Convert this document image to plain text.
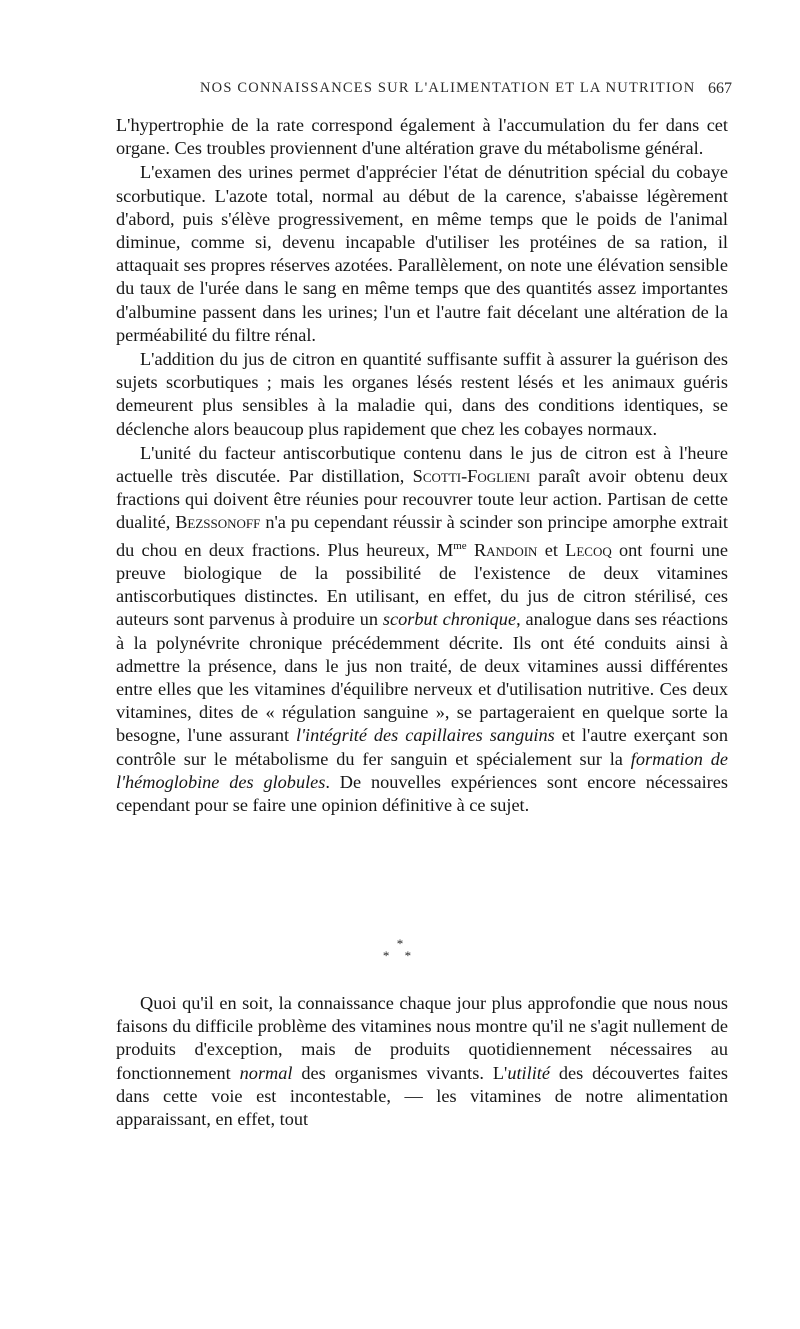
NOS CONNAISSANCES SUR L'ALIMENTATION ET LA NUTRITION 667

L'hypertrophie de la rate correspond également à l'accumulation du fer dans cet organe. Ces troubles proviennent d'une altération grave du métabolisme général.

L'examen des urines permet d'apprécier l'état de dénutrition spécial du cobaye scorbutique. L'azote total, normal au début de la carence, s'abaisse légèrement d'abord, puis s'élève progressivement, en même temps que le poids de l'animal diminue, comme si, devenu incapable d'utiliser les protéines de sa ration, il attaquait ses propres réserves azotées. Parallèlement, on note une élévation sensible du taux de l'urée dans le sang en même temps que des quantités assez importantes d'albumine passent dans les urines; l'un et l'autre fait décelant une altération de la perméabilité du filtre rénal.

L'addition du jus de citron en quantité suffisante suffit à assurer la guérison des sujets scorbutiques ; mais les organes lésés restent lésés et les animaux guéris demeurent plus sensibles à la maladie qui, dans des conditions identiques, se déclenche alors beaucoup plus rapidement que chez les cobayes normaux.

L'unité du facteur antiscorbutique contenu dans le jus de citron est à l'heure actuelle très discutée. Par distillation, Scotti-Foglieni paraît avoir obtenu deux fractions qui doivent être réunies pour recouvrer toute leur action. Partisan de cette dualité, Bezssonoff n'a pu cependant réussir à scinder son principe amorphe extrait du chou en deux fractions. Plus heureux, $M^{me}$ Randoin et Lecoq ont fourni une preuve biologique de la possibilité de l'existence de deux vitamines antiscorbutiques distinctes. En utilisant, en effet, du jus de citron stérilisé, ces auteurs sont parvenus à produire un scorbut chronique, analogue dans ses réactions à la polynévrite chronique précédemment décrite. Ils ont été conduits ainsi à admettre la présence, dans le jus non traité, de deux vitamines aussi différentes entre elles que les vitamines d'équilibre nerveux et d'utilisation nutritive. Ces deux vitamines, dites de « régulation sanguine », se partageraient en quelque sorte la besogne, l'une assurant l'intégrité des capillaires sanguins et l'autre exerçant son contrôle sur le métabolisme du fer sanguin et spécialement sur la formation de l'hémoglobine des globules. De nouvelles expériences sont encore nécessaires cependant pour se faire une opinion définitive à ce sujet.

*
* *

Quoi qu'il en soit, la connaissance chaque jour plus approfondie que nous nous faisons du difficile problème des vitamines nous montre qu'il ne s'agit nullement de produits d'exception, mais de produits quotidiennement nécessaires au fonctionnement normal des organismes vivants. L'utilité des découvertes faites dans cette voie est incontestable, — les vitamines de notre alimentation apparaissant, en effet, tout
